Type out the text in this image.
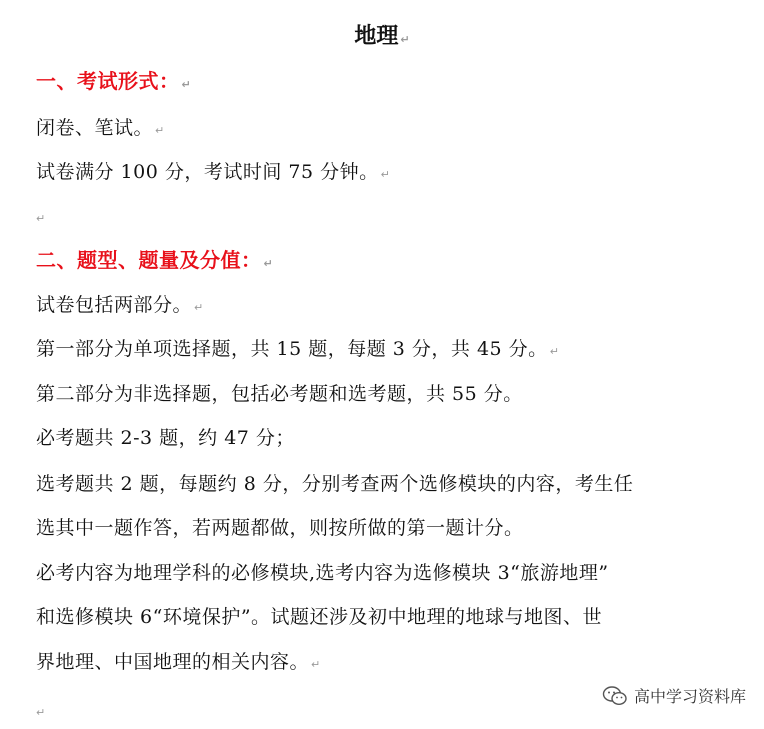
地理 ↵
一、考试形式： ↵
闭卷、笔试。 ↵
试卷满分 100 分，考试时间 75 分钟。 ↵
↵
二、题型、题量及分值： ↵
试卷包括两部分。 ↵
第一部分为单项选择题，共 15 题，每题 3 分，共 45 分。 ↵
第二部分为非选择题，包括必考题和选考题，共 55 分。
必考题共 2-3 题，约 47 分；
选考题共 2 题，每题约 8 分，分别考查两个选修模块的内容，考生任
选其中一题作答，若两题都做，则按所做的第一题计分。
必考内容为地理学科的必修模块,选考内容为选修模块 3“旅游地理”
和选修模块 6“环境保护”。试题还涉及初中地理的地球与地图、世
界地理、中国地理的相关内容。 ↵
↵
高中学习资料库
